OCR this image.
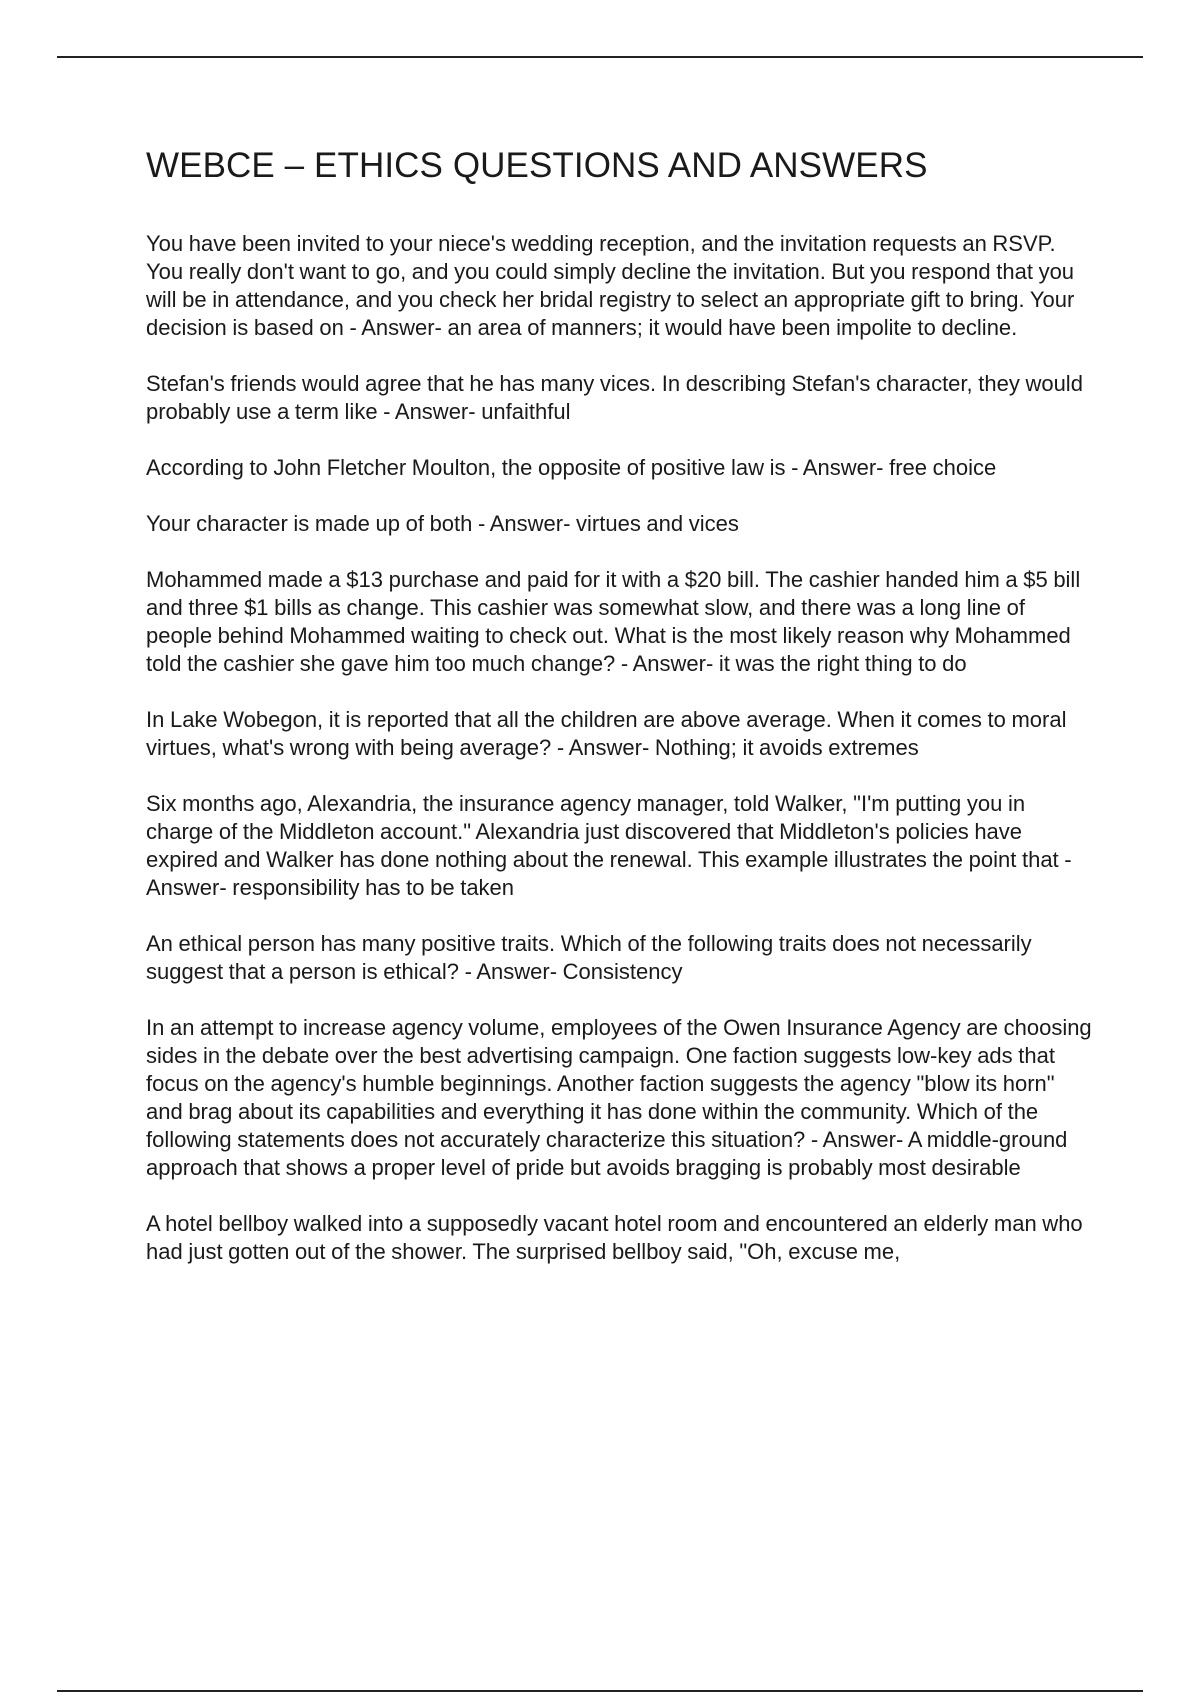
WEBCE – ETHICS QUESTIONS AND ANSWERS
You have been invited to your niece's wedding reception, and the invitation requests an RSVP. You really don't want to go, and you could simply decline the invitation. But you respond that you will be in attendance, and you check her bridal registry to select an appropriate gift to bring. Your decision is based on - Answer- an area of manners; it would have been impolite to decline.
Stefan's friends would agree that he has many vices. In describing Stefan's character, they would probably use a term like - Answer- unfaithful
According to John Fletcher Moulton, the opposite of positive law is - Answer- free choice
Your character is made up of both - Answer- virtues and vices
Mohammed made a $13 purchase and paid for it with a $20 bill. The cashier handed him a $5 bill and three $1 bills as change. This cashier was somewhat slow, and there was a long line of people behind Mohammed waiting to check out. What is the most likely reason why Mohammed told the cashier she gave him too much change? - Answer- it was the right thing to do
In Lake Wobegon, it is reported that all the children are above average. When it comes to moral virtues, what's wrong with being average? - Answer- Nothing; it avoids extremes
Six months ago, Alexandria, the insurance agency manager, told Walker, "I'm putting you in charge of the Middleton account." Alexandria just discovered that Middleton's policies have expired and Walker has done nothing about the renewal. This example illustrates the point that - Answer- responsibility has to be taken
An ethical person has many positive traits. Which of the following traits does not necessarily suggest that a person is ethical? - Answer- Consistency
In an attempt to increase agency volume, employees of the Owen Insurance Agency are choosing sides in the debate over the best advertising campaign. One faction suggests low-key ads that focus on the agency's humble beginnings. Another faction suggests the agency "blow its horn" and brag about its capabilities and everything it has done within the community. Which of the following statements does not accurately characterize this situation? - Answer- A middle-ground approach that shows a proper level of pride but avoids bragging is probably most desirable
A hotel bellboy walked into a supposedly vacant hotel room and encountered an elderly man who had just gotten out of the shower. The surprised bellboy said, "Oh, excuse me,
